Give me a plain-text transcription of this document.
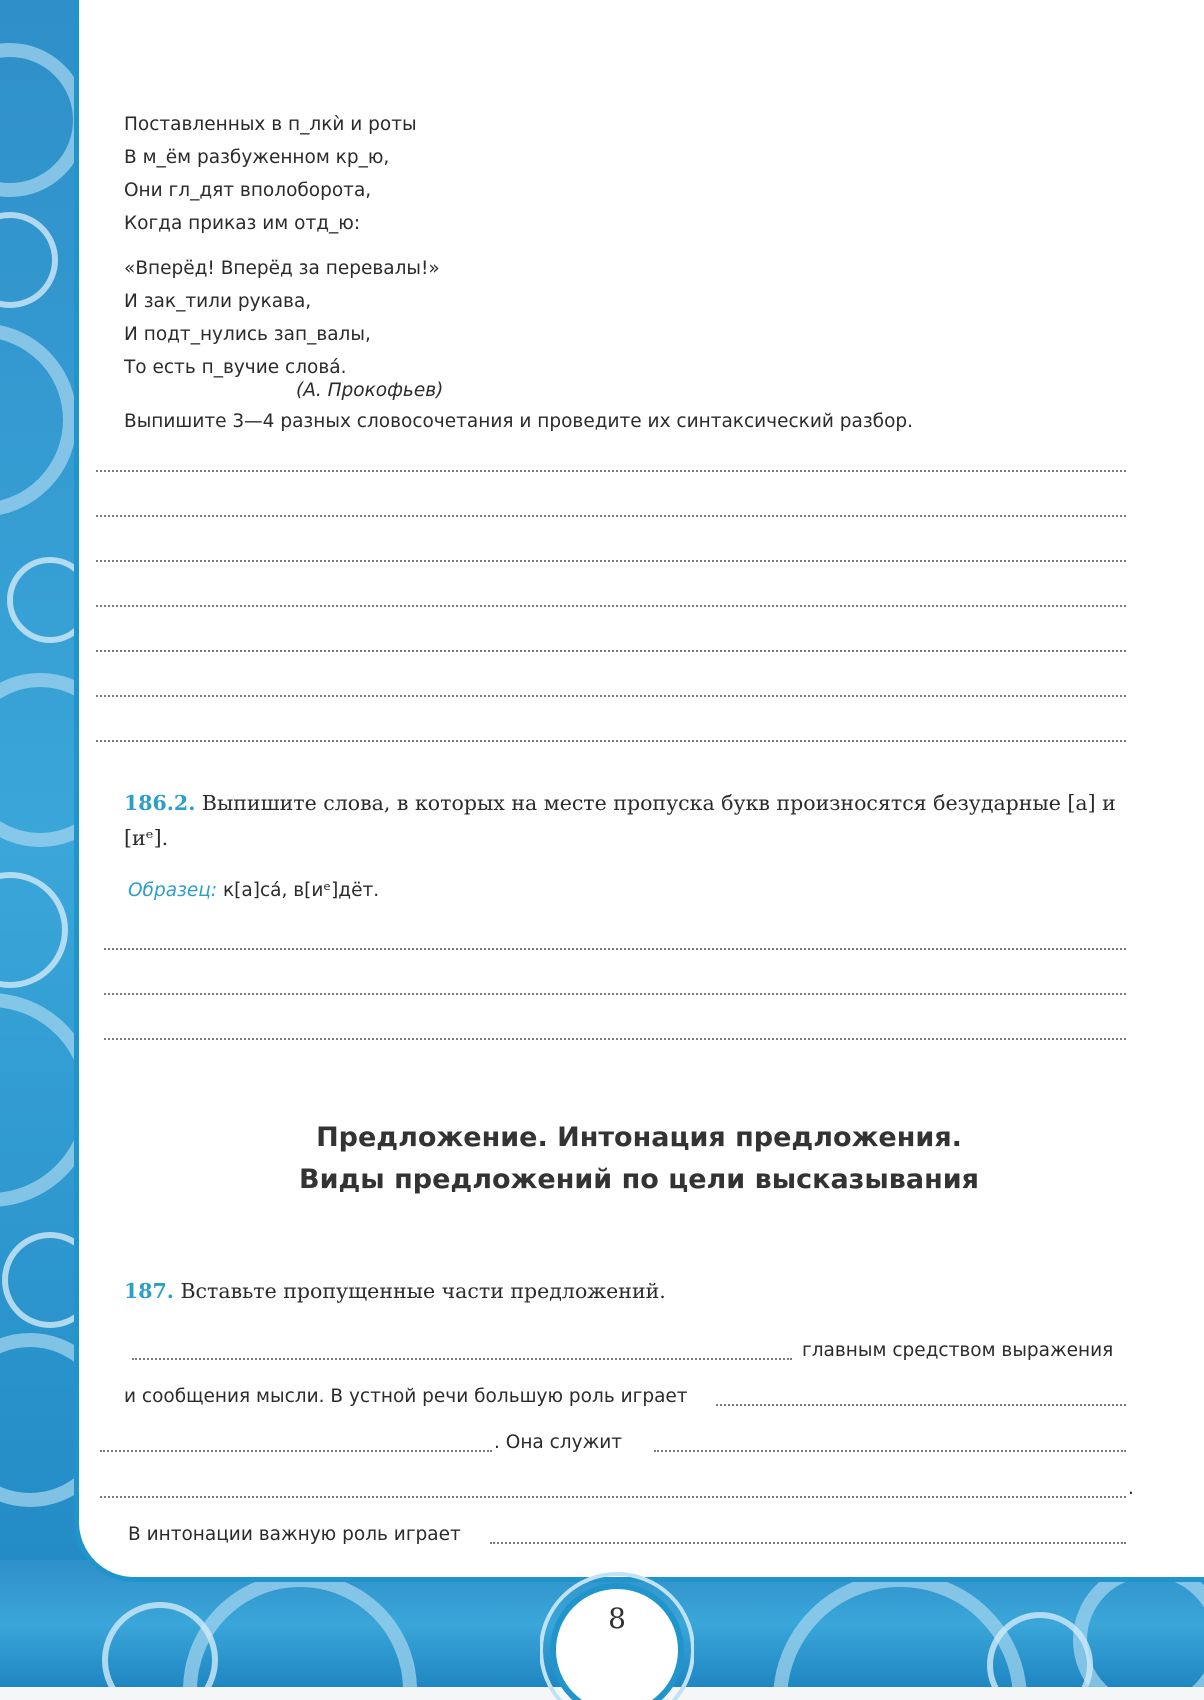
Поставленных в п_лкѝ и роты
В м_ём разбуженном кр_ю,
Они гл_дят вполоборота,
Когда приказ им отд_ю:
«Вперёд! Вперёд за перевалы!»
И зак_тили рукава,
И подт_нулись зап_валы,
То есть п_вучие слова́.
(А. Прокофьев)
Выпишите 3—4 разных словосочетания и проведите их синтаксический разбор.
186.2. Выпишите слова, в которых на месте пропуска букв произносятся безударные [а] и [иᵉ].
Образец: к[а]са́, в[иᵉ]дёт.
Предложение. Интонация предложения.
Виды предложений по цели высказывания
187. Вставьте пропущенные части предложений.
главным средством выражения
и сообщения мысли. В устной речи большую роль играет
. Она служит
.
В интонации важную роль играет
8
